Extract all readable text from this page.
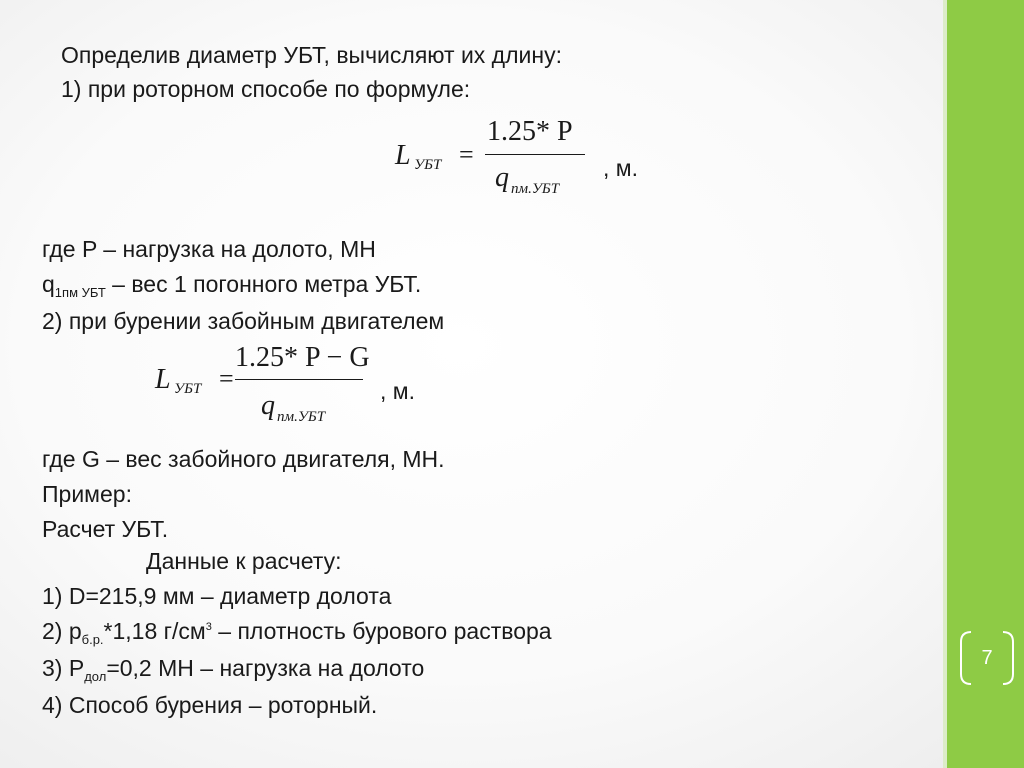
Определив диаметр УБТ, вычисляют их длину:
1) при роторном способе по формуле:
L УБТ =
1.25* P
q пм.УБТ
, м.
где P – нагрузка на долото, МН
$q_{1пм УБТ}$ – вес 1 погонного метра УБТ.
2) при бурении забойным двигателем
L УБТ =
1.25* P − G
q пм.УБТ
, м.
где G – вес забойного двигателя, МН.
Пример:
Расчет УБТ.
Данные к расчету:
1) D=215,9 мм – диаметр долота
2) $p_{б.р.}*1,18$ $г/см^3$ – плотность бурового раствора
3) $P_{дол}=0,2$ МН – нагрузка на долото
4) Способ бурения – роторный.
7
